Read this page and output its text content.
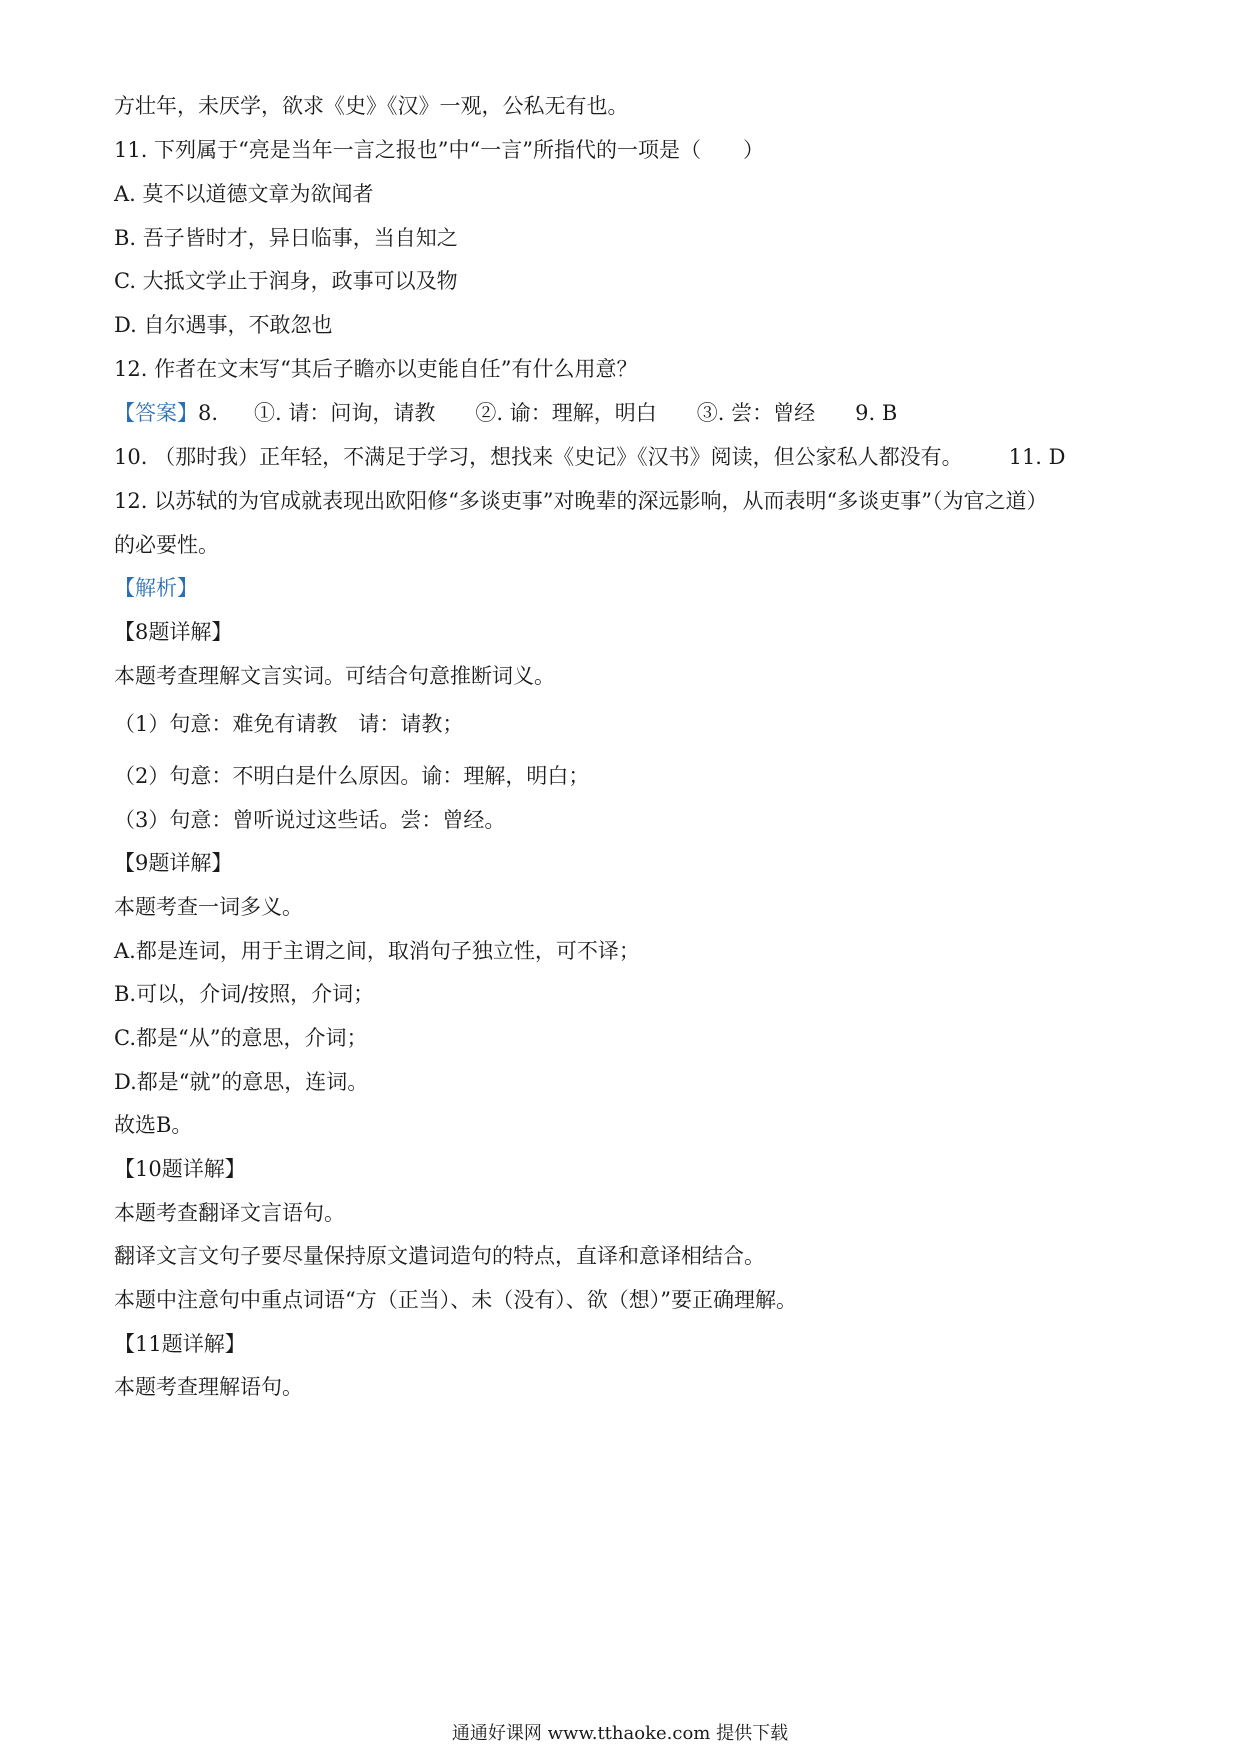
方壮年，未厌学，欲求《史》《汉》一观，公私无有也。
11. 下列属于“亮是当年一言之报也”中“一言”所指代的一项是（　　）
A. 莫不以道德文章为欲闻者
B. 吾子皆时才，异日临事，当自知之
C. 大抵文学止于润身，政事可以及物
D. 自尔遇事，不敢忽也
12. 作者在文末写“其后子瞻亦以吏能自任”有什么用意？
【答案】8. ①. 请：问询，请教 ②. 谕：理解，明白 ③. 尝：曾经 9. B
10. （那时我）正年轻，不满足于学习，想找来《史记》《汉书》阅读，但公家私人都没有。 11. D
12. 以苏轼的为官成就表现出欧阳修“多谈吏事”对晚辈的深远影响，从而表明“多谈吏事”（为官之道）
的必要性。
【解析】
【8题详解】
本题考查理解文言实词。可结合句意推断词义。
（1）句意：难免有请教　请：请教；
（2）句意：不明白是什么原因。谕：理解，明白；
（3）句意：曾听说过这些话。尝：曾经。
【9题详解】
本题考查一词多义。
A.都是连词，用于主谓之间，取消句子独立性，可不译；
B.可以，介词/按照，介词；
C.都是“从”的意思，介词；
D.都是“就”的意思，连词。
故选B。
【10题详解】
本题考查翻译文言语句。
翻译文言文句子要尽量保持原文遣词造句的特点，直译和意译相结合。
本题中注意句中重点词语“方（正当）、未（没有）、欲（想）”要正确理解。
【11题详解】
本题考查理解语句。
通通好课网 www.tthaoke.com 提供下载
